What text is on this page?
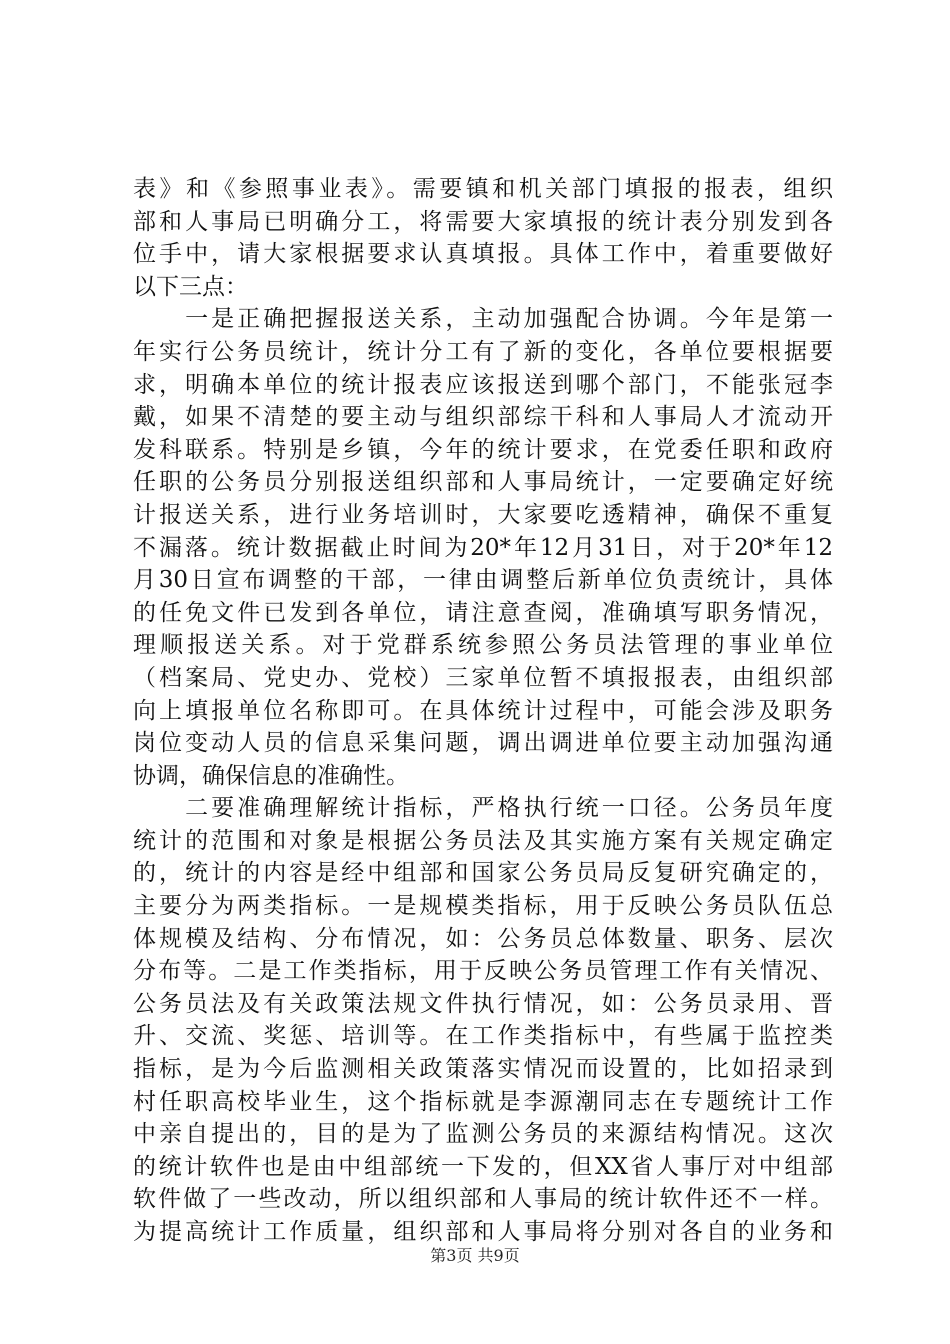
表》和《参照事业表》。需要镇和机关部门填报的报表，组织
部和人事局已明确分工，将需要大家填报的统计表分别发到各
位手中，请大家根据要求认真填报。具体工作中，着重要做好
以下三点：
　　一是正确把握报送关系，主动加强配合协调。今年是第一
年实行公务员统计，统计分工有了新的变化，各单位要根据要
求，明确本单位的统计报表应该报送到哪个部门，不能张冠李
戴，如果不清楚的要主动与组织部综干科和人事局人才流动开
发科联系。特别是乡镇，今年的统计要求，在党委任职和政府
任职的公务员分别报送组织部和人事局统计，一定要确定好统
计报送关系，进行业务培训时，大家要吃透精神，确保不重复
不漏落。统计数据截止时间为20*年12月31日，对于20*年12
月30日宣布调整的干部，一律由调整后新单位负责统计，具体
的任免文件已发到各单位，请注意查阅，准确填写职务情况，
理顺报送关系。对于党群系统参照公务员法管理的事业单位
（档案局、党史办、党校）三家单位暂不填报报表，由组织部
向上填报单位名称即可。在具体统计过程中，可能会涉及职务
岗位变动人员的信息采集问题，调出调进单位要主动加强沟通
协调，确保信息的准确性。
　　二要准确理解统计指标，严格执行统一口径。公务员年度
统计的范围和对象是根据公务员法及其实施方案有关规定确定
的，统计的内容是经中组部和国家公务员局反复研究确定的，
主要分为两类指标。一是规模类指标，用于反映公务员队伍总
体规模及结构、分布情况，如：公务员总体数量、职务、层次
分布等。二是工作类指标，用于反映公务员管理工作有关情况、
公务员法及有关政策法规文件执行情况，如：公务员录用、晋
升、交流、奖惩、培训等。在工作类指标中，有些属于监控类
指标，是为今后监测相关政策落实情况而设置的，比如招录到
村任职高校毕业生，这个指标就是李源潮同志在专题统计工作
中亲自提出的，目的是为了监测公务员的来源结构情况。这次
的统计软件也是由中组部统一下发的，但XX省人事厅对中组部
软件做了一些改动，所以组织部和人事局的统计软件还不一样。
为提高统计工作质量，组织部和人事局将分别对各自的业务和
第3页 共9页
